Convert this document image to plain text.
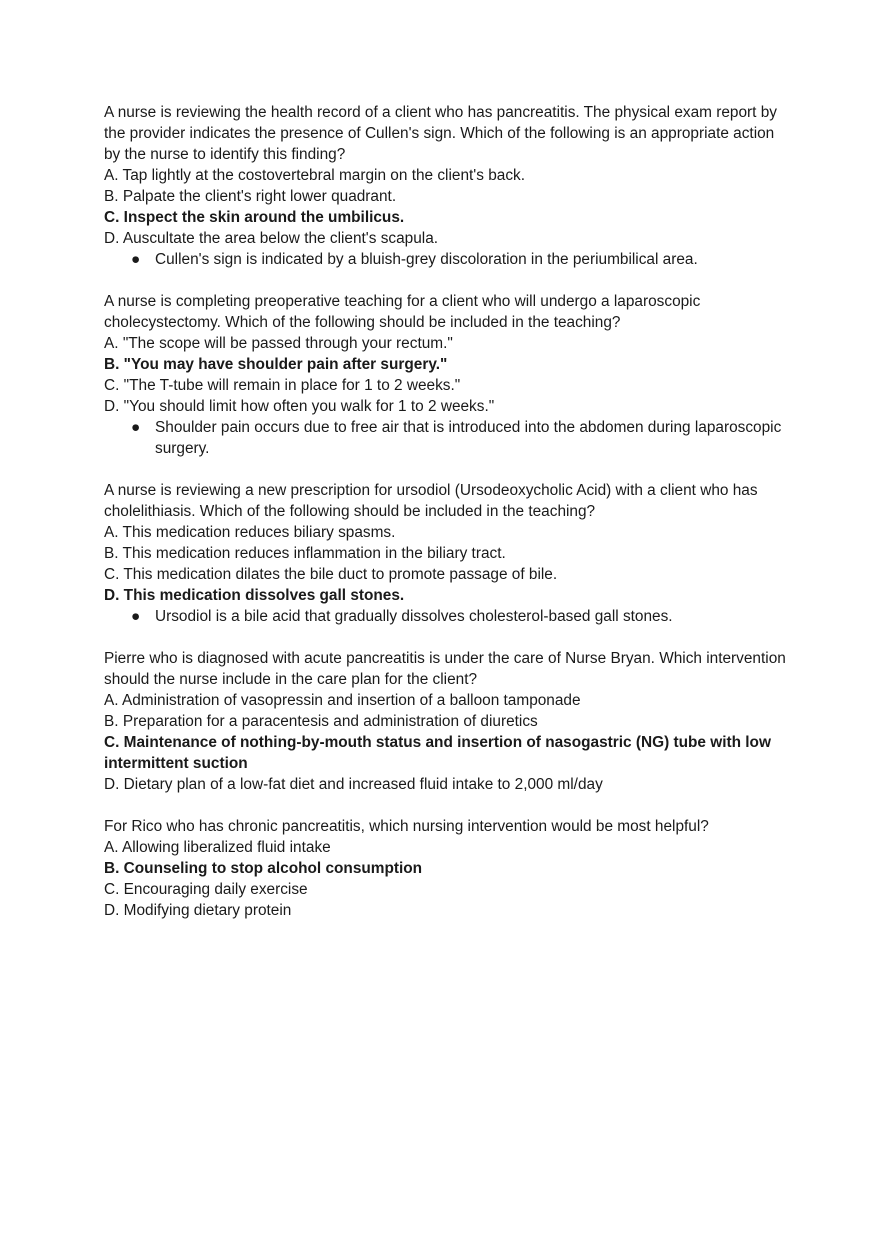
A nurse is reviewing the health record of a client who has pancreatitis. The physical exam report by the provider indicates the presence of Cullen's sign. Which of the following is an appropriate action by the nurse to identify this finding?

A. Tap lightly at the costovertebral margin on the client's back.

B. Palpate the client's right lower quadrant.

C. Inspect the skin around the umbilicus.

D. Auscultate the area below the client's scapula.

● Cullen's sign is indicated by a bluish-grey discoloration in the periumbilical area.

A nurse is completing preoperative teaching for a client who will undergo a laparoscopic cholecystectomy. Which of the following should be included in the teaching?

A. "The scope will be passed through your rectum."

B. "You may have shoulder pain after surgery."

C. "The T-tube will remain in place for 1 to 2 weeks."

D. "You should limit how often you walk for 1 to 2 weeks."

● Shoulder pain occurs due to free air that is introduced into the abdomen during laparoscopic surgery.

A nurse is reviewing a new prescription for ursodiol (Ursodeoxycholic Acid) with a client who has cholelithiasis. Which of the following should be included in the teaching?

A. This medication reduces biliary spasms.

B. This medication reduces inflammation in the biliary tract.

C. This medication dilates the bile duct to promote passage of bile.

D. This medication dissolves gall stones.

● Ursodiol is a bile acid that gradually dissolves cholesterol-based gall stones.

Pierre who is diagnosed with acute pancreatitis is under the care of Nurse Bryan. Which intervention should the nurse include in the care plan for the client?

A. Administration of vasopressin and insertion of a balloon tamponade

B. Preparation for a paracentesis and administration of diuretics

C. Maintenance of nothing-by-mouth status and insertion of nasogastric (NG) tube with low intermittent suction

D. Dietary plan of a low-fat diet and increased fluid intake to 2,000 ml/day

For Rico who has chronic pancreatitis, which nursing intervention would be most helpful?

A. Allowing liberalized fluid intake

B. Counseling to stop alcohol consumption

C. Encouraging daily exercise

D. Modifying dietary protein
